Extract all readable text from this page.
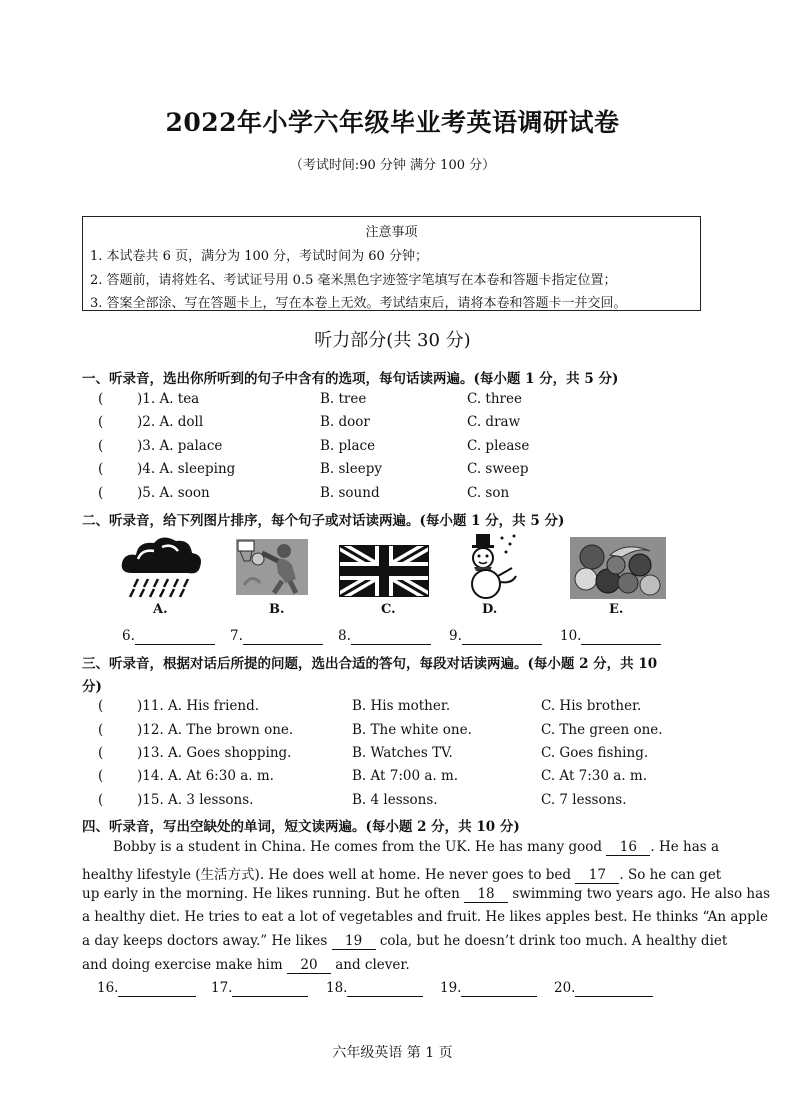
2022年小学六年级毕业考英语调研试卷
（考试时间:90 分钟 满分 100 分）
注意事项
1. 本试卷共 6 页，满分为 100 分，考试时间为 60 分钟；
2. 答题前，请将姓名、考试证号用 0.5 毫米黑色字迹签字笔填写在本卷和答题卡指定位置；
3. 答案全部涂、写在答题卡上，写在本卷上无效。考试结束后，请将本卷和答题卡一并交回。
听力部分(共 30 分)
一、听录音，选出你所听到的句子中含有的选项，每句话读两遍。(每小题 1 分，共 5 分)
( )1. A. tea	B. tree	C. three
( )2. A. doll	B. door	C. draw
( )3. A. palace	B. place	C. please
( )4. A. sleeping	B. sleepy	C. sweep
( )5. A. soon	B. sound	C. son
二、听录音，给下列图片排序，每个句子或对话读两遍。(每小题 1 分，共 5 分)
A.	B.	C.	D.	E.
6.	7.	8.	9.	10.
三、听录音，根据对话后所提的问题，选出合适的答句，每段对话读两遍。(每小题 2 分，共 10
分)
( )11. A. His friend.	B. His mother.	C. His brother.
( )12. A. The brown one.	B. The white one.	C. The green one.
( )13. A. Goes shopping.	B. Watches TV.	C. Goes fishing.
( )14. A. At 6:30 a. m.	B. At 7:00 a. m.	C. At 7:30 a. m.
( )15. A. 3 lessons.	B. 4 lessons.	C. 7 lessons.
四、听录音，写出空缺处的单词，短文读两遍。(每小题 2 分，共 10 分)
Bobby is a student in China. He comes from the UK. He has many good 16 . He has a
healthy lifestyle (生活方式). He does well at home. He never goes to bed 17 . So he can get
up early in the morning. He likes running. But he often 18 swimming two years ago. He also has
a healthy diet. He tries to eat a lot of vegetables and fruit. He likes apples best. He thinks “An apple
a day keeps doctors away.” He likes 19 cola, but he doesn’t drink too much. A healthy diet
and doing exercise make him 20 and clever.
16.	17.	18.	19.	20.
六年级英语 第 1 页
